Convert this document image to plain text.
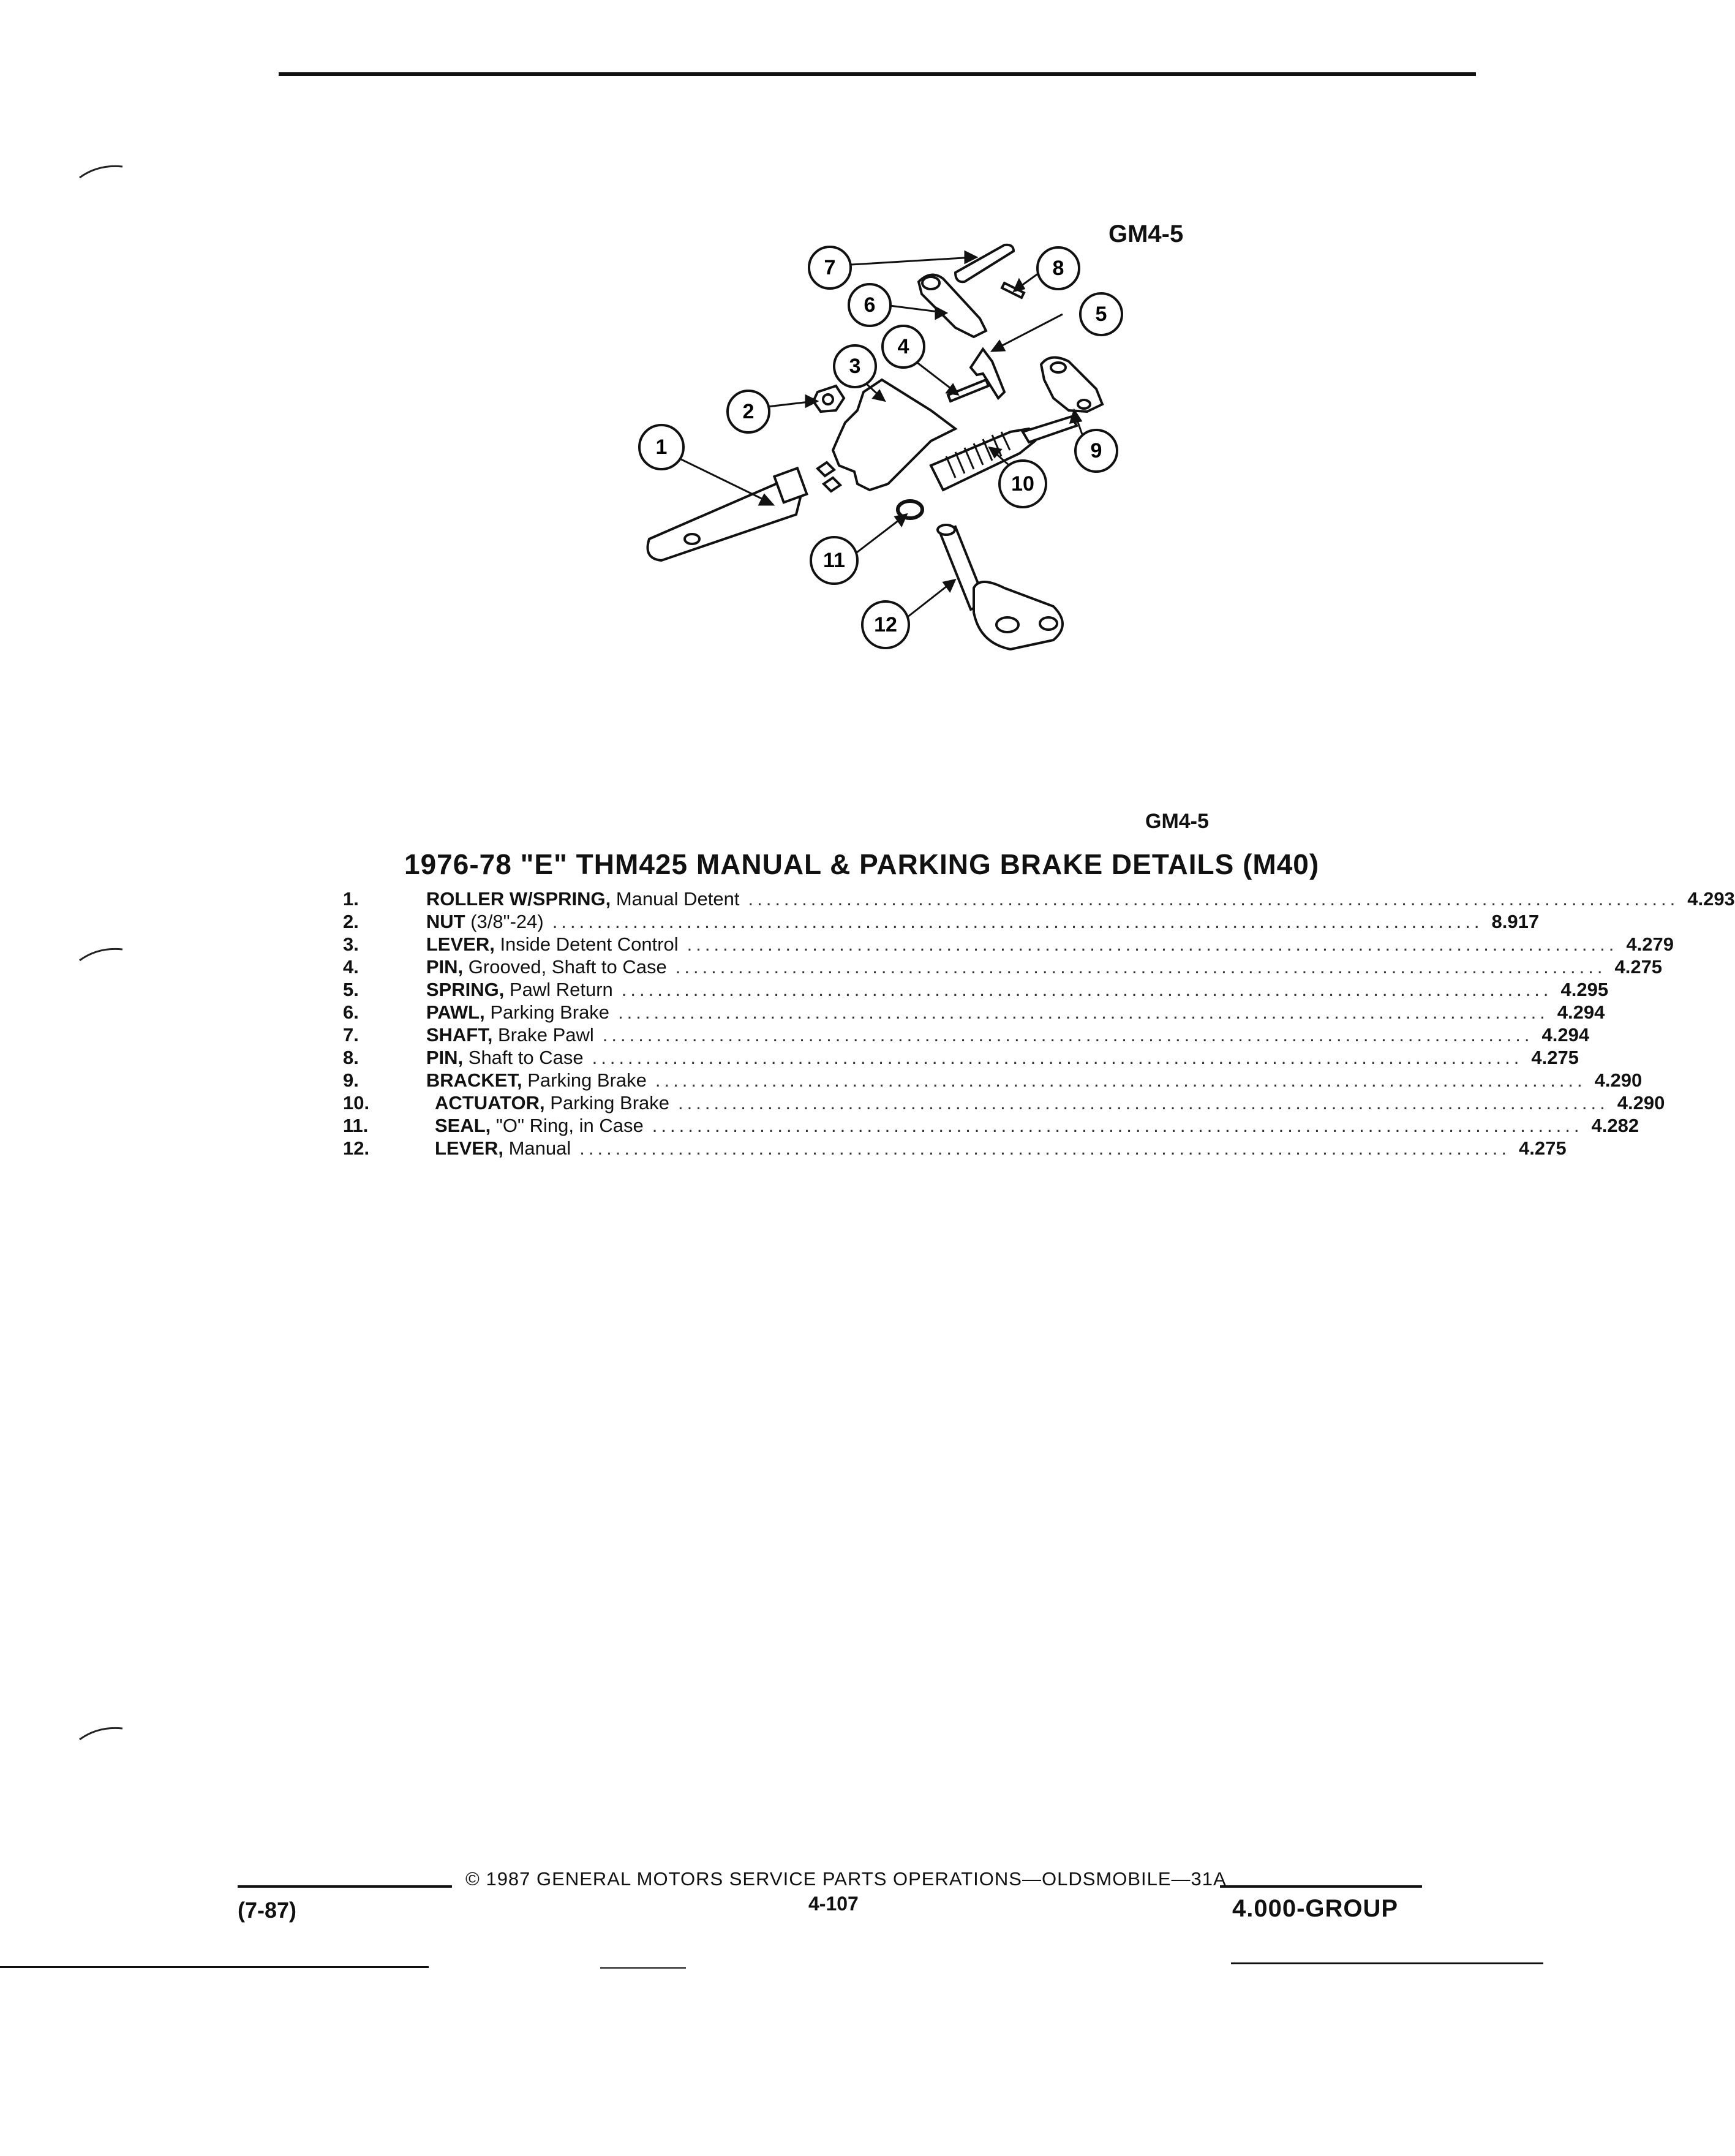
GM4-5
1
2
3
4
5
6
7	8
9
10
11
12
GM4-5
1976-78 "E" THM425 MANUAL & PARKING BRAKE DETAILS (M40)
1.	ROLLER W/SPRING, Manual Detent ........................................................................................................ 4.293
2.	NUT (3/8"-24) ........................................................................................................ 8.917
3.	LEVER, Inside Detent Control ........................................................................................................ 4.279
4.	PIN, Grooved, Shaft to Case ........................................................................................................ 4.275
5.	SPRING, Pawl Return ........................................................................................................ 4.295
6.	PAWL, Parking Brake ........................................................................................................ 4.294
7.	SHAFT, Brake Pawl ........................................................................................................ 4.294
8.	PIN, Shaft to Case ........................................................................................................ 4.275
9.	BRACKET, Parking Brake ........................................................................................................ 4.290
10.	ACTUATOR, Parking Brake ........................................................................................................ 4.290
11.	SEAL, "O" Ring, in Case ........................................................................................................ 4.282
12.	LEVER, Manual ........................................................................................................ 4.275
© 1987 GENERAL MOTORS SERVICE PARTS OPERATIONS—OLDSMOBILE—31A
(7-87)	4-107	4.000-GROUP
